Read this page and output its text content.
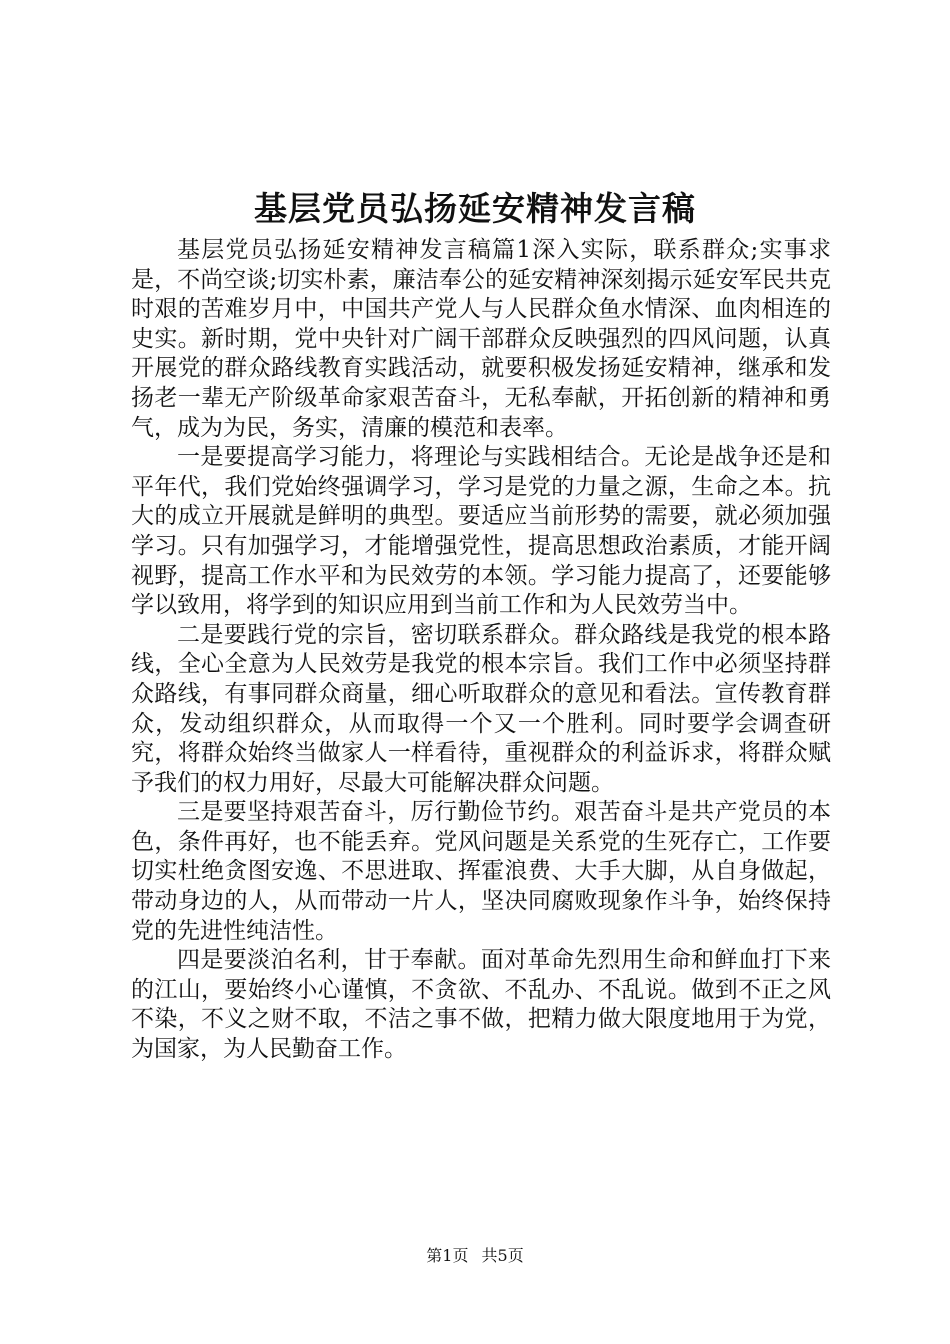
基层党员弘扬延安精神发言稿

基层党员弘扬延安精神发言稿篇1深入实际，联系群众;实事求是，不尚空谈;切实朴素，廉洁奉公的延安精神深刻揭示延安军民共克时艰的苦难岁月中，中国共产党人与人民群众鱼水情深、血肉相连的史实。新时期，党中央针对广阔干部群众反映强烈的四风问题，认真开展党的群众路线教育实践活动，就要积极发扬延安精神，继承和发扬老一辈无产阶级革命家艰苦奋斗，无私奉献，开拓创新的精神和勇气，成为为民，务实，清廉的模范和表率。

一是要提高学习能力，将理论与实践相结合。无论是战争还是和平年代，我们党始终强调学习，学习是党的力量之源，生命之本。抗大的成立开展就是鲜明的典型。要适应当前形势的需要，就必须加强学习。只有加强学习，才能增强党性，提高思想政治素质，才能开阔视野，提高工作水平和为民效劳的本领。学习能力提高了，还要能够学以致用，将学到的知识应用到当前工作和为人民效劳当中。

二是要践行党的宗旨，密切联系群众。群众路线是我党的根本路线，全心全意为人民效劳是我党的根本宗旨。我们工作中必须坚持群众路线，有事同群众商量，细心听取群众的意见和看法。宣传教育群众，发动组织群众，从而取得一个又一个胜利。同时要学会调查研究，将群众始终当做家人一样看待，重视群众的利益诉求，将群众赋予我们的权力用好，尽最大可能解决群众问题。

三是要坚持艰苦奋斗，厉行勤俭节约。艰苦奋斗是共产党员的本色，条件再好，也不能丢弃。党风问题是关系党的生死存亡，工作要切实杜绝贪图安逸、不思进取、挥霍浪费、大手大脚，从自身做起，带动身边的人，从而带动一片人，坚决同腐败现象作斗争，始终保持党的先进性纯洁性。

四是要淡泊名利，甘于奉献。面对革命先烈用生命和鲜血打下来的江山，要始终小心谨慎，不贪欲、不乱办、不乱说。做到不正之风不染，不义之财不取，不洁之事不做，把精力做大限度地用于为党，为国家，为人民勤奋工作。

第1页 共5页
